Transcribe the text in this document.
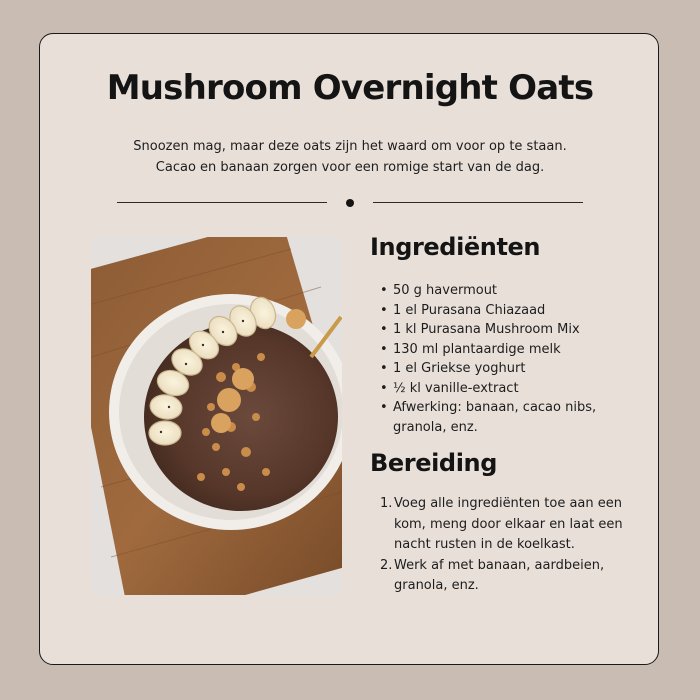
Mushroom Overnight Oats
Snoozen mag, maar deze oats zijn het waard om voor op te staan.
Cacao en banaan zorgen voor een romige start van de dag.
Ingrediënten
• 50 g havermout
• 1 el Purasana Chiazaad
• 1 kl Purasana Mushroom Mix
• 130 ml plantaardige melk
• 1 el Griekse yoghurt
• ½ kl vanille-extract
• Afwerking: banaan, cacao nibs, granola, enz.
Bereiding
1. Voeg alle ingrediënten toe aan een kom, meng door elkaar en laat een nacht rusten in de koelkast.
2. Werk af met banaan, aardbeien, granola, enz.
